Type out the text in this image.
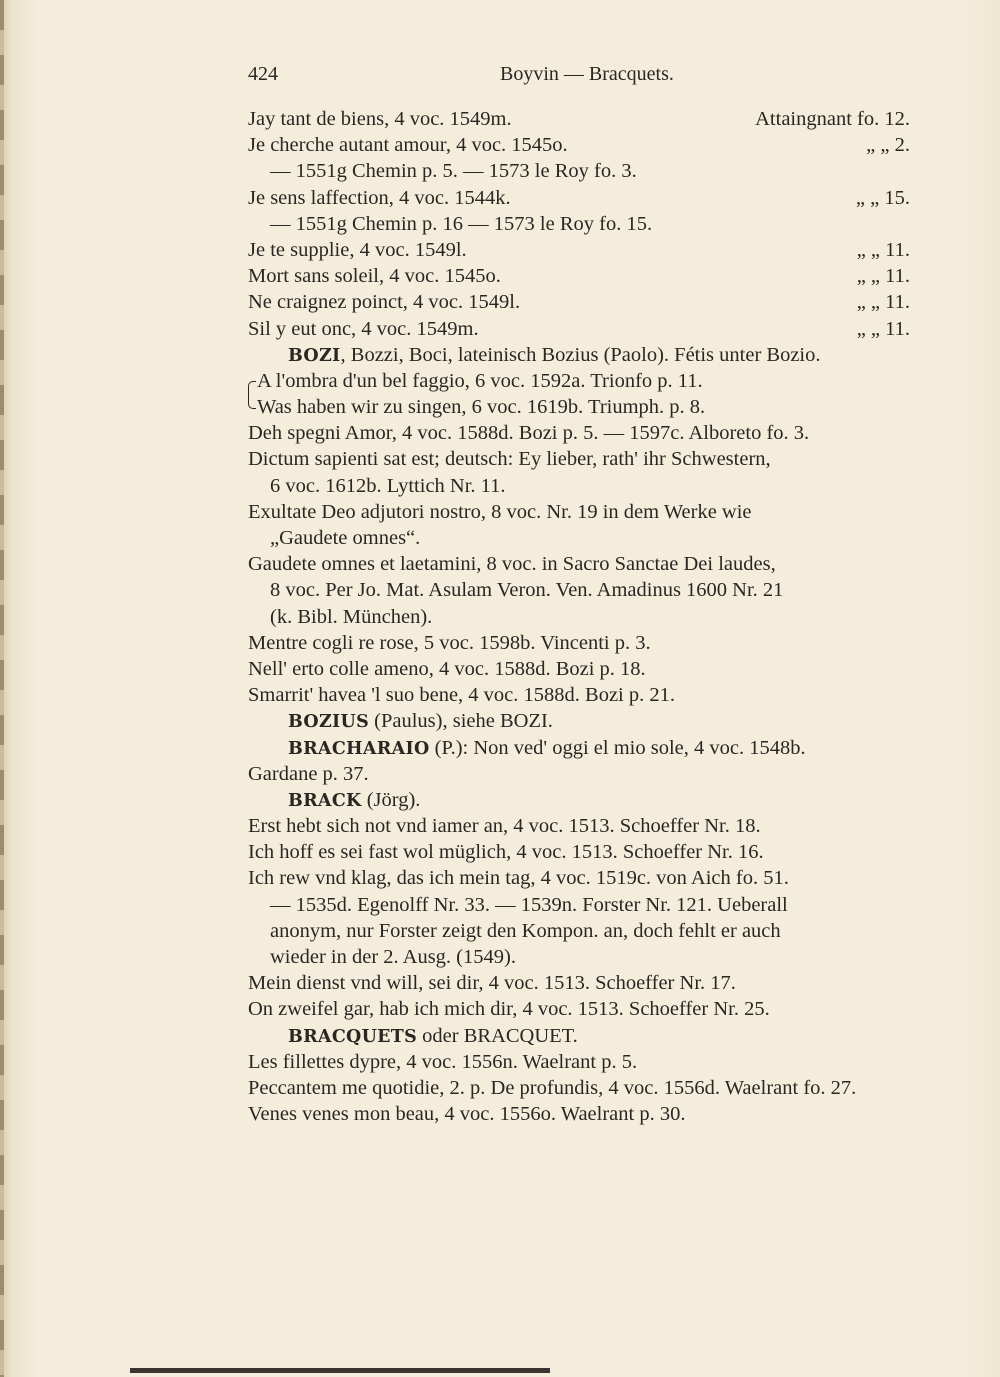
424	Boyvin — Bracquets.
Jay tant de biens, 4 voc. 1549m.	Attaingnant fo. 12.
Je cherche autant amour, 4 voc. 1545o.	„ „ 2.
— 1551g Chemin p. 5. — 1573 le Roy fo. 3.
Je sens laffection, 4 voc. 1544k.	„ „ 15.
— 1551g Chemin p. 16 — 1573 le Roy fo. 15.
Je te supplie, 4 voc. 1549l.	„ „ 11.
Mort sans soleil, 4 voc. 1545o.	„ „ 11.
Ne craignez poinct, 4 voc. 1549l.	„ „ 11.
Sil y eut onc, 4 voc. 1549m.	„ „ 11.
BOZI, Bozzi, Boci, lateinisch Bozius (Paolo). Fétis unter Bozio.
A l'ombra d'un bel faggio, 6 voc. 1592a. Trionfo p. 11.
Was haben wir zu singen, 6 voc. 1619b. Triumph. p. 8.
Deh spegni Amor, 4 voc. 1588d. Bozi p. 5. — 1597c. Alboreto fo. 3.
Dictum sapienti sat est; deutsch: Ey lieber, rath' ihr Schwestern,
6 voc. 1612b. Lyttich Nr. 11.
Exultate Deo adjutori nostro, 8 voc. Nr. 19 in dem Werke wie
„Gaudete omnes“.
Gaudete omnes et laetamini, 8 voc. in Sacro Sanctae Dei laudes,
8 voc. Per Jo. Mat. Asulam Veron. Ven. Amadinus 1600 Nr. 21
(k. Bibl. München).
Mentre cogli re rose, 5 voc. 1598b. Vincenti p. 3.
Nell' erto colle ameno, 4 voc. 1588d. Bozi p. 18.
Smarrit' havea 'l suo bene, 4 voc. 1588d. Bozi p. 21.
BOZIUS (Paulus), siehe BOZI.
BRACHARAIO (P.): Non ved' oggi el mio sole, 4 voc. 1548b.
Gardane p. 37.
BRACK (Jörg).
Erst hebt sich not vnd iamer an, 4 voc. 1513. Schoeffer Nr. 18.
Ich hoff es sei fast wol müglich, 4 voc. 1513. Schoeffer Nr. 16.
Ich rew vnd klag, das ich mein tag, 4 voc. 1519c. von Aich fo. 51.
— 1535d. Egenolff Nr. 33. — 1539n. Forster Nr. 121. Ueberall
anonym, nur Forster zeigt den Kompon. an, doch fehlt er auch
wieder in der 2. Ausg. (1549).
Mein dienst vnd will, sei dir, 4 voc. 1513. Schoeffer Nr. 17.
On zweifel gar, hab ich mich dir, 4 voc. 1513. Schoeffer Nr. 25.
BRACQUETS oder BRACQUET.
Les fillettes dypre, 4 voc. 1556n. Waelrant p. 5.
Peccantem me quotidie, 2. p. De profundis, 4 voc. 1556d. Waelrant fo. 27.
Venes venes mon beau, 4 voc. 1556o. Waelrant p. 30.
